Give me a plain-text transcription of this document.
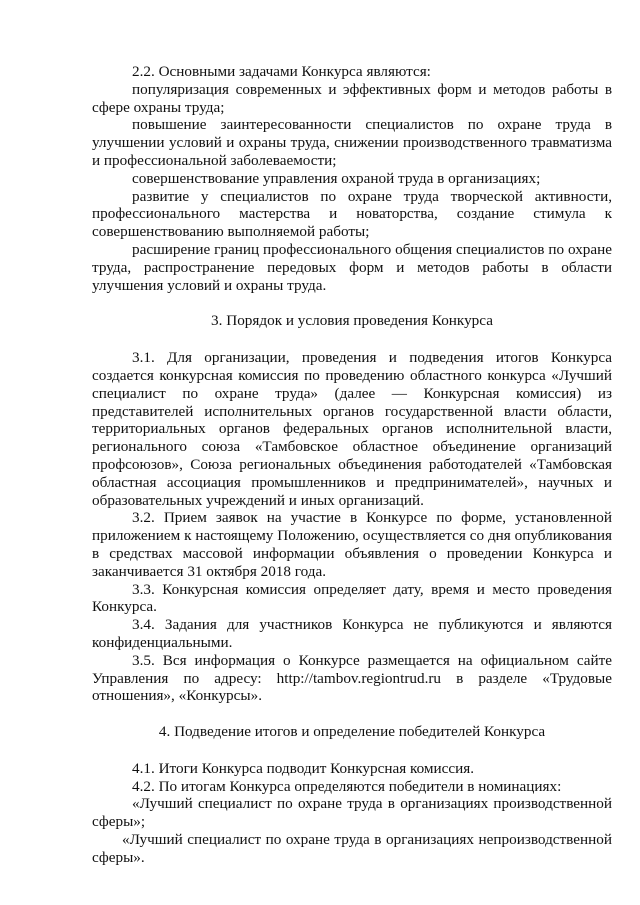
2.2. Основными задачами Конкурса являются:

популяризация современных и эффективных форм и методов работы в сфере охраны труда;

повышение заинтересованности специалистов по охране труда в улучшении условий и охраны труда, снижении производственного травматизма и профессиональной заболеваемости;

совершенствование управления охраной труда в организациях;

развитие у специалистов по охране труда творческой активности, профессионального мастерства и новаторства, создание стимула к совершенствованию выполняемой работы;

расширение границ профессионального общения специалистов по охране труда, распространение передовых форм и методов работы в области улучшения условий и охраны труда.

3. Порядок и условия проведения Конкурса

3.1. Для организации, проведения и подведения итогов Конкурса создается конкурсная комиссия по проведению областного конкурса «Лучший специалист по охране труда» (далее — Конкурсная комиссия) из представителей исполнительных органов государственной власти области, территориальных органов федеральных органов исполнительной власти, регионального союза «Тамбовское областное объединение организаций профсоюзов», Союза региональных объединения работодателей «Тамбовская областная ассоциация промышленников и предпринимателей», научных и образовательных учреждений и иных организаций.

3.2. Прием заявок на участие в Конкурсе по форме, установленной приложением к настоящему Положению, осуществляется со дня опубликования в средствах массовой информации объявления о проведении Конкурса и заканчивается 31 октября 2018 года.

3.3. Конкурсная комиссия определяет дату, время и место проведения Конкурса.

3.4. Задания для участников Конкурса не публикуются и являются конфиденциальными.

3.5. Вся информация о Конкурсе размещается на официальном сайте Управления по адресу: http://tambov.regiontrud.ru в разделе «Трудовые отношения», «Конкурсы».

4. Подведение итогов и определение победителей Конкурса

4.1. Итоги Конкурса подводит Конкурсная комиссия.

4.2. По итогам Конкурса определяются победители в номинациях:

«Лучший специалист по охране труда в организациях производственной сферы»;

«Лучший специалист по охране труда в организациях непроизводственной сферы».
